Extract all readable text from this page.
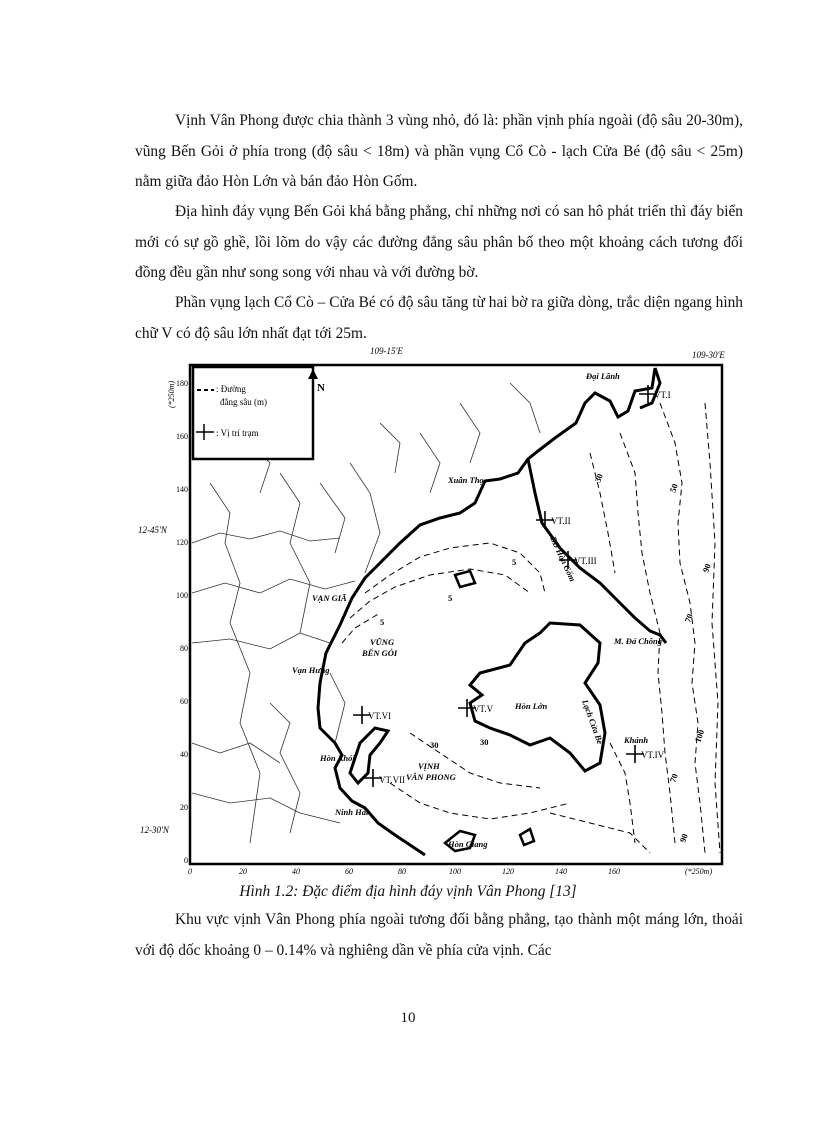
Vịnh Vân Phong được chia thành 3 vùng nhỏ, đó là: phần vịnh phía ngoài (độ sâu 20-30m), vũng Bến Gỏi ở phía trong (độ sâu < 18m) và phần vụng Cổ Cò - lạch Cửa Bé (độ sâu < 25m) nằm giữa đảo Hòn Lớn và bán đảo Hòn Gốm.

Địa hình đáy vụng Bến Gỏi khá bằng phẳng, chỉ những nơi có san hô phát triển thì đáy biển mới có sự gồ ghề, lồi lõm do vậy các đường đẳng sâu phân bố theo một khoảng cách tương đối đồng đều gần như song song với nhau và với đường bờ.

Phần vụng lạch Cổ Cò – Cửa Bé có độ sâu tăng từ hai bờ ra giữa dòng, trắc diện ngang hình chữ V có độ sâu lớn nhất đạt tới 25m.

109-15'E	109-30'E
12-45'N
12-30'N
(*250m)
(*250m)
180
160
140
120
100
80
60
40
20
0
0	20	40	60	80	100	120	140	160
: Đường
đẳng sâu (m)
: Vị trí trạm
N
VT.I
VT.II
VT.III
VT.IV
VT.V
VT.VI
VT.VII
Đại Lãnh
Xuân Thọ
BĐ Hòn Gốm
VẠN GIÃ
VŨNG
BẾN GỎI
Vạn Hưng
M. Đá Chông
Hòn Lớn	Lạch Cửa Bé
VỊNH
VÂN PHONG
Hòn Khói
Ninh Hải
Hòn Giang
Khánh
5
5
5
30
30
30
50
70
90
100
70
90

Hình 1.2: Đặc điểm địa hình đáy vịnh Vân Phong [13]

Khu vực vịnh Vân Phong phía ngoài tương đối bằng phẳng, tạo thành một máng lớn, thoải với độ dốc khoảng 0 – 0.14% và nghiêng dần về phía cửa vịnh. Các

10
